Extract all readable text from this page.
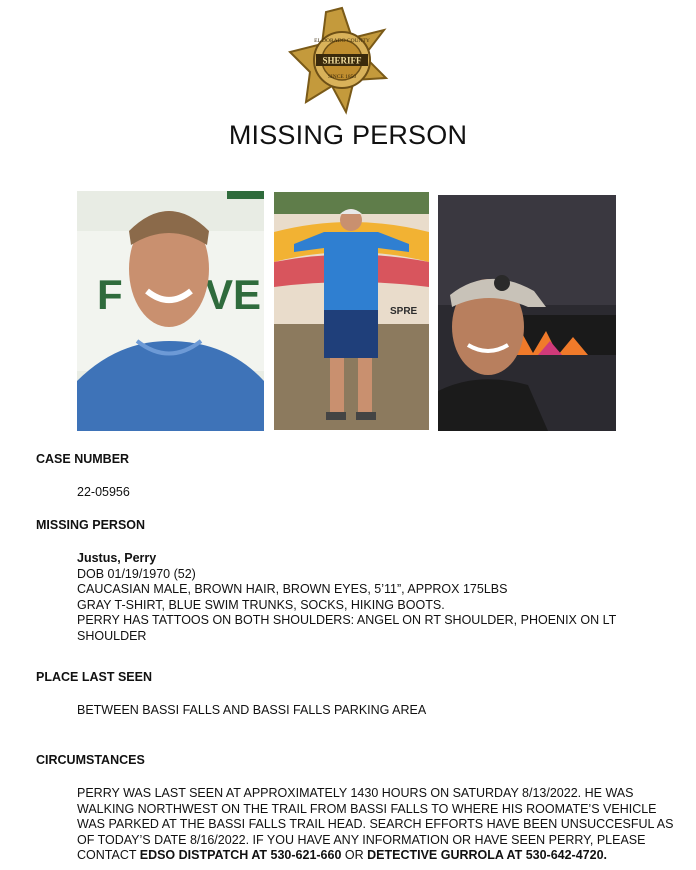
SHERIFF
EL DORADO COUNTY
SINCE 1850
MISSING PERSON
F VE	SPRE
CASE NUMBER
22-05956
MISSING PERSON
Justus, Perry
DOB 01/19/1970 (52)
CAUCASIAN MALE, BROWN HAIR, BROWN EYES, 5’11”, APPROX 175LBS
GRAY T-SHIRT, BLUE SWIM TRUNKS, SOCKS, HIKING BOOTS.
PERRY HAS TATTOOS ON BOTH SHOULDERS: ANGEL ON RT SHOULDER, PHOENIX ON LT
SHOULDER
PLACE LAST SEEN
BETWEEN BASSI FALLS AND BASSI FALLS PARKING AREA
CIRCUMSTANCES
PERRY WAS LAST SEEN AT APPROXIMATELY 1430 HOURS ON SATURDAY 8/13/2022. HE WAS
WALKING NORTHWEST ON THE TRAIL FROM BASSI FALLS TO WHERE HIS ROOMATE’S VEHICLE
WAS PARKED AT THE BASSI FALLS TRAIL HEAD. SEARCH EFFORTS HAVE BEEN UNSUCCESFUL AS
OF TODAY’S DATE 8/16/2022. IF YOU HAVE ANY INFORMATION OR HAVE SEEN PERRY, PLEASE
CONTACT EDSO DISTPATCH AT 530-621-660 OR DETECTIVE GURROLA AT 530-642-4720.
